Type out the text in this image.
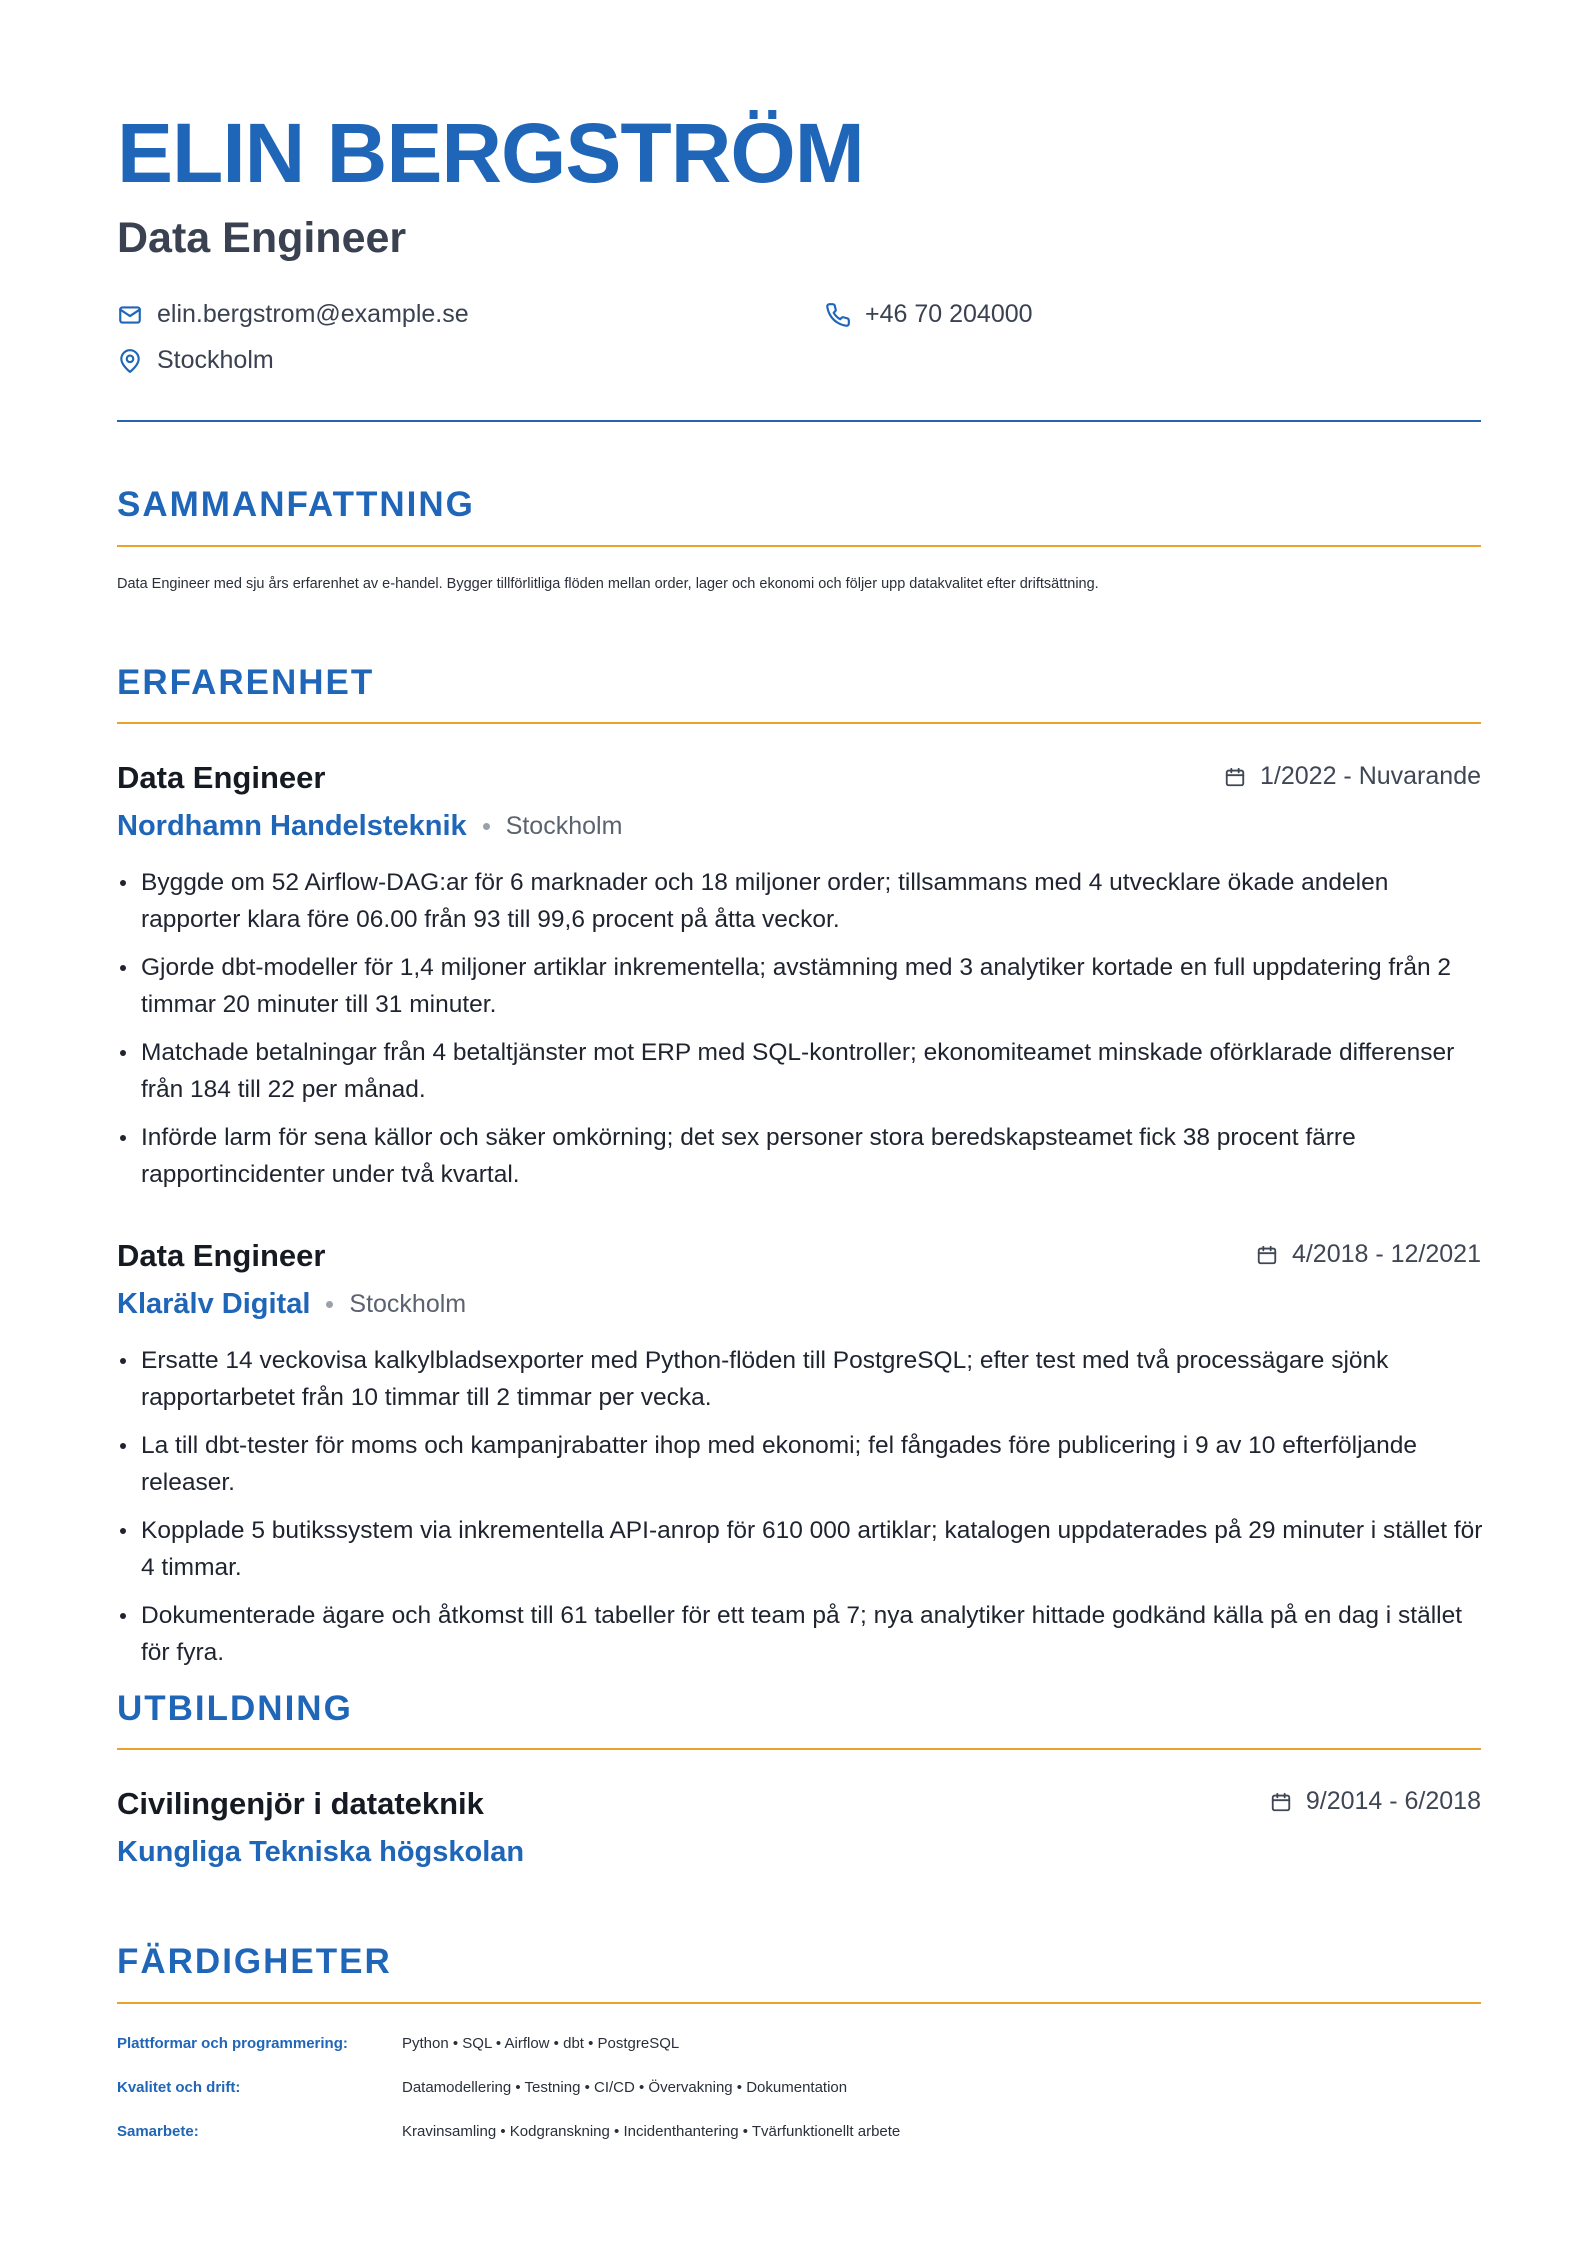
ELIN BERGSTRÖM
Data Engineer
elin.bergstrom@example.se	+46 70 204000
Stockholm
SAMMANFATTNING
Data Engineer med sju års erfarenhet av e-handel. Bygger tillförlitliga flöden mellan order, lager och ekonomi och följer upp datakvalitet efter driftsättning.
ERFARENHET
Data Engineer	1/2022 - Nuvarande
Nordhamn Handelsteknik Stockholm
Byggde om 52 Airflow-DAG:ar för 6 marknader och 18 miljoner order; tillsammans med 4 utvecklare ökade andelen rapporter klara före 06.00 från 93 till 99,6 procent på åtta veckor.
Gjorde dbt-modeller för 1,4 miljoner artiklar inkrementella; avstämning med 3 analytiker kortade en full uppdatering från 2 timmar 20 minuter till 31 minuter.
Matchade betalningar från 4 betaltjänster mot ERP med SQL-kontroller; ekonomiteamet minskade oförklarade differenser från 184 till 22 per månad.
Införde larm för sena källor och säker omkörning; det sex personer stora beredskapsteamet fick 38 procent färre rapportincidenter under två kvartal.
Data Engineer	4/2018 - 12/2021
Klarälv Digital Stockholm
Ersatte 14 veckovisa kalkylbladsexporter med Python-flöden till PostgreSQL; efter test med två processägare sjönk rapportarbetet från 10 timmar till 2 timmar per vecka.
La till dbt-tester för moms och kampanjrabatter ihop med ekonomi; fel fångades före publicering i 9 av 10 efterföljande releaser.
Kopplade 5 butikssystem via inkrementella API-anrop för 610 000 artiklar; katalogen uppdaterades på 29 minuter i stället för 4 timmar.
Dokumenterade ägare och åtkomst till 61 tabeller för ett team på 7; nya analytiker hittade godkänd källa på en dag i stället för fyra.
UTBILDNING
Civilingenjör i datateknik	9/2014 - 6/2018
Kungliga Tekniska högskolan
FÄRDIGHETER
Plattformar och programmering:	Python • SQL • Airflow • dbt • PostgreSQL
Kvalitet och drift:	Datamodellering • Testning • CI/CD • Övervakning • Dokumentation
Samarbete:	Kravinsamling • Kodgranskning • Incidenthantering • Tvärfunktionellt arbete
